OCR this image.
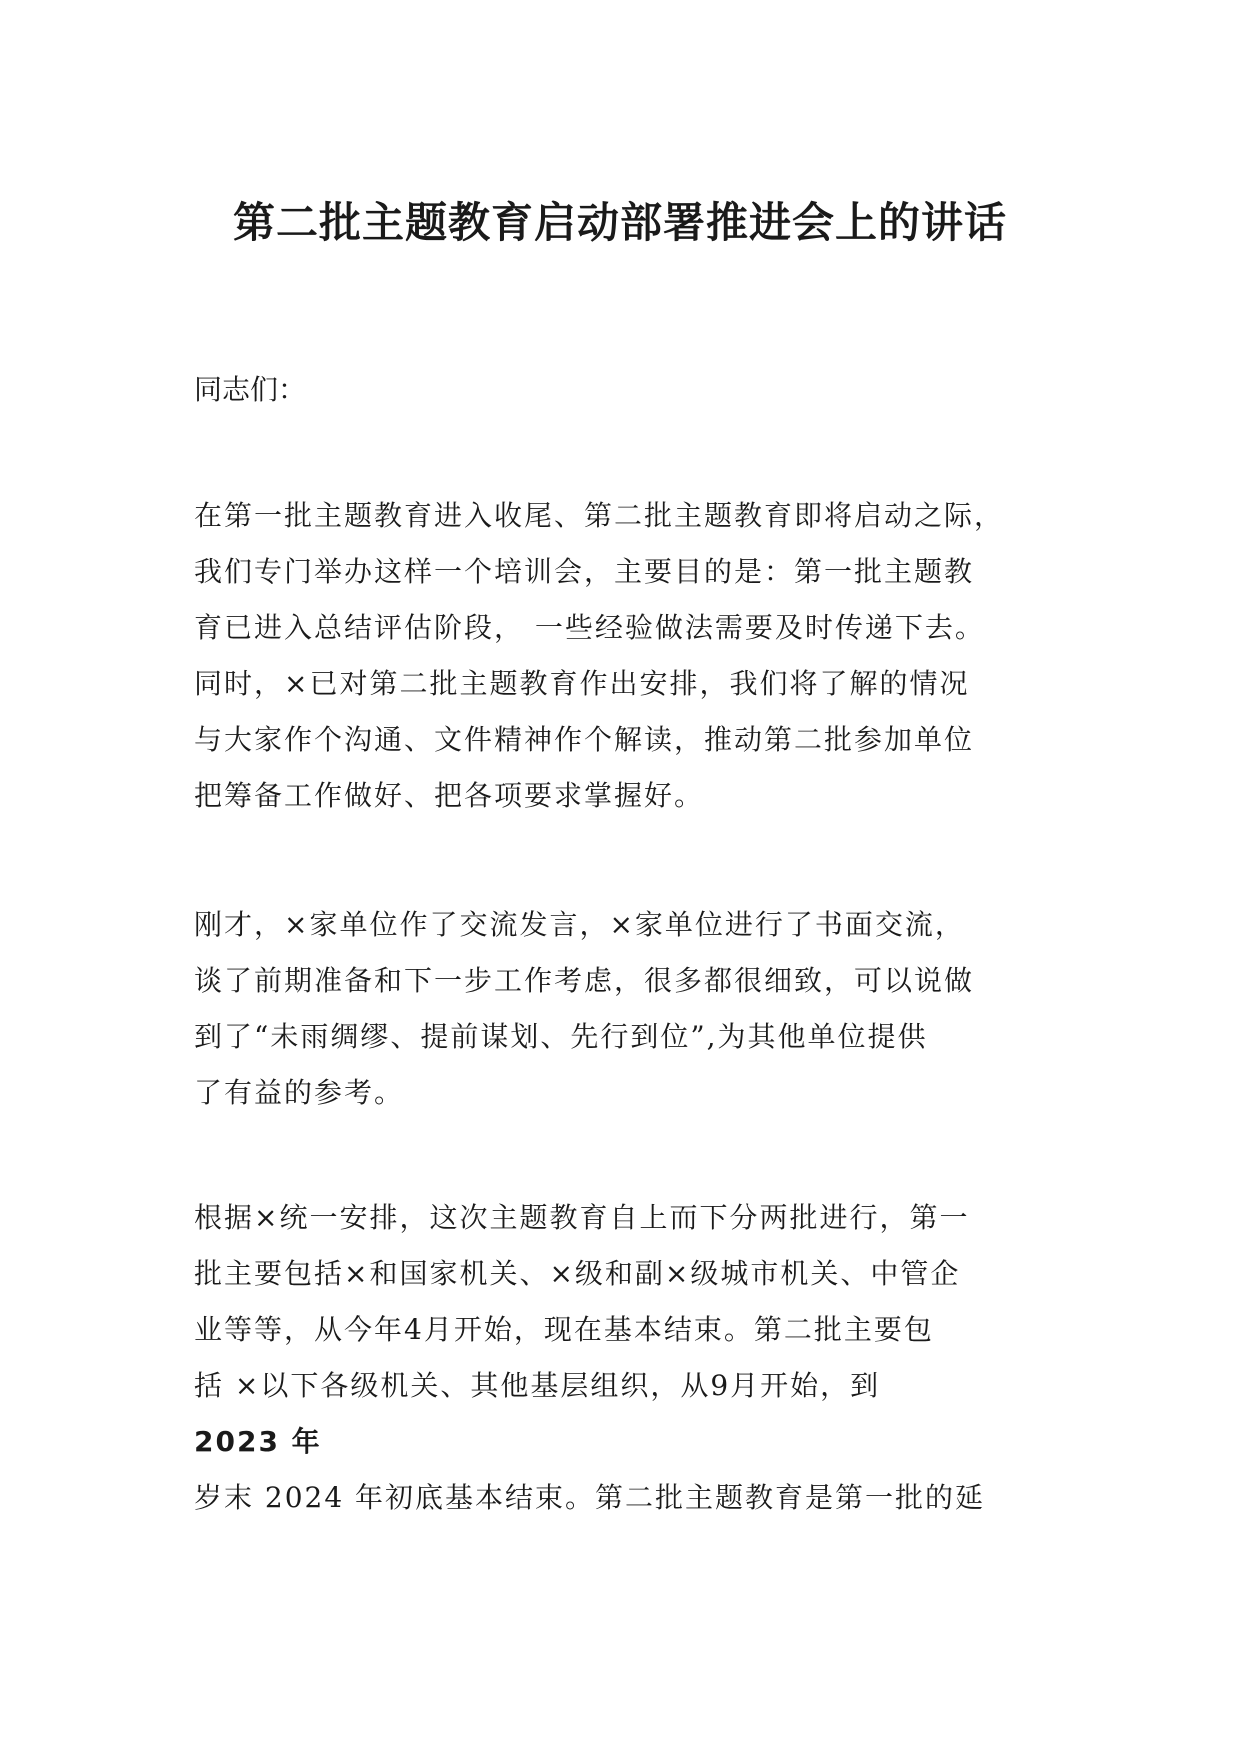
第二批主题教育启动部署推进会上的讲话

同志们：

在第一批主题教育进入收尾、第二批主题教育即将启动之际，
我们专门举办这样一个培训会，主要目的是：第一批主题教
育已进入总结评估阶段， 一些经验做法需要及时传递下去。
同时，×已对第二批主题教育作出安排，我们将了解的情况
与大家作个沟通、文件精神作个解读，推动第二批参加单位
把筹备工作做好、把各项要求掌握好。
刚才，×家单位作了交流发言，×家单位进行了书面交流，
谈了前期准备和下一步工作考虑，很多都很细致，可以说做
到了“未雨绸缪、提前谋划、先行到位”,为其他单位提供
了有益的参考。
根据×统一安排，这次主题教育自上而下分两批进行，第一
批主要包括×和国家机关、×级和副×级城市机关、中管企
业等等，从今年4月开始，现在基本结束。第二批主要包
括 ×以下各级机关、其他基层组织，从9月开始，到
2023 年
岁末 2024 年初底基本结束。第二批主题教育是第一批的延
